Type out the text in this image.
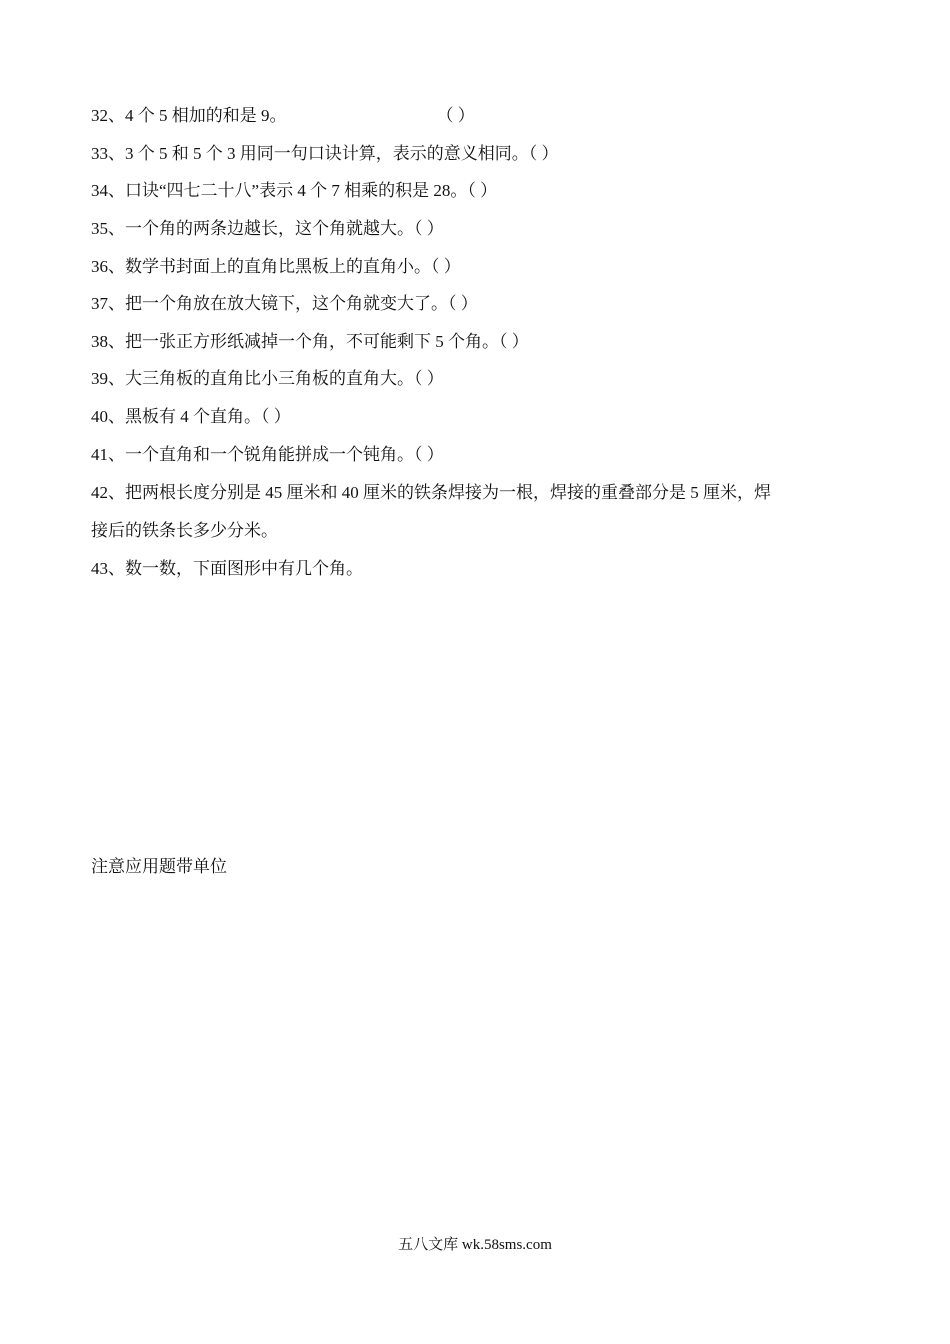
32、4 个 5 相加的和是 9。	（ ）
33、3 个 5 和 5 个 3 用同一句口诀计算，表示的意义相同。（ ）
34、口诀“四七二十八”表示 4 个 7 相乘的积是 28。（ ）
35、一个角的两条边越长，这个角就越大。（ ）
36、数学书封面上的直角比黑板上的直角小。（ ）
37、把一个角放在放大镜下，这个角就变大了。（ ）
38、把一张正方形纸减掉一个角，不可能剩下 5 个角。（ ）
39、大三角板的直角比小三角板的直角大。（ ）
40、黑板有 4 个直角。（ ）
41、一个直角和一个锐角能拼成一个钝角。（ ）
42、把两根长度分别是 45 厘米和 40 厘米的铁条焊接为一根，焊接的重叠部分是 5 厘米，焊
接后的铁条长多少分米。
43、数一数，下面图形中有几个角。
注意应用题带单位
五八文库 wk.58sms.com
